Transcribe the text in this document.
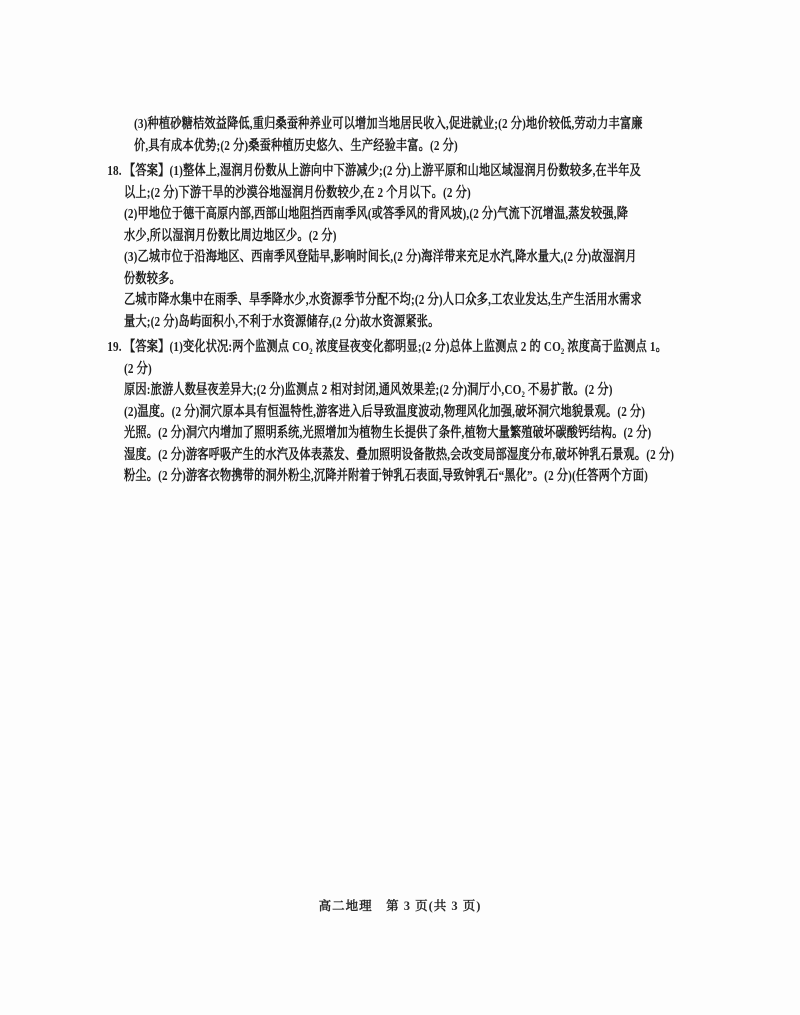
(3)种植砂糖桔效益降低,重归桑蚕种养业可以增加当地居民收入,促进就业;(2 分)地价较低,劳动力丰富廉

价,具有成本优势;(2 分)桑蚕种植历史悠久、生产经验丰富。(2 分)

18. 【答案】(1)整体上,湿润月份数从上游向中下游减少;(2 分)上游平原和山地区域湿润月份数较多,在半年及

以上;(2 分)下游干旱的沙漠谷地湿润月份数较少,在 2 个月以下。(2 分)

(2)甲地位于德干高原内部,西部山地阻挡西南季风(或答季风的背风坡),(2 分)气流下沉增温,蒸发较强,降

水少,所以湿润月份数比周边地区少。(2 分)

(3)乙城市位于沿海地区、西南季风登陆早,影响时间长,(2 分)海洋带来充足水汽,降水量大,(2 分)故湿润月

份数较多。

乙城市降水集中在雨季、旱季降水少,水资源季节分配不均;(2 分)人口众多,工农业发达,生产生活用水需求

量大;(2 分)岛屿面积小,不利于水资源储存,(2 分)故水资源紧张。

19. 【答案】(1)变化状况:两个监测点 CO₂ 浓度昼夜变化都明显;(2 分)总体上监测点 2 的 CO₂ 浓度高于监测点 1。

(2 分)

原因:旅游人数昼夜差异大;(2 分)监测点 2 相对封闭,通风效果差;(2 分)洞厅小,CO₂ 不易扩散。(2 分)

(2)温度。(2 分)洞穴原本具有恒温特性,游客进入后导致温度波动,物理风化加强,破坏洞穴地貌景观。(2 分)

光照。(2 分)洞穴内增加了照明系统,光照增加为植物生长提供了条件,植物大量繁殖破坏碳酸钙结构。(2 分)

湿度。(2 分)游客呼吸产生的水汽及体表蒸发、叠加照明设备散热,会改变局部湿度分布,破坏钟乳石景观。(2 分)

粉尘。(2 分)游客衣物携带的洞外粉尘,沉降并附着于钟乳石表面,导致钟乳石“黑化”。(2 分)(任答两个方面)

高二地理　第 3 页(共 3 页)
